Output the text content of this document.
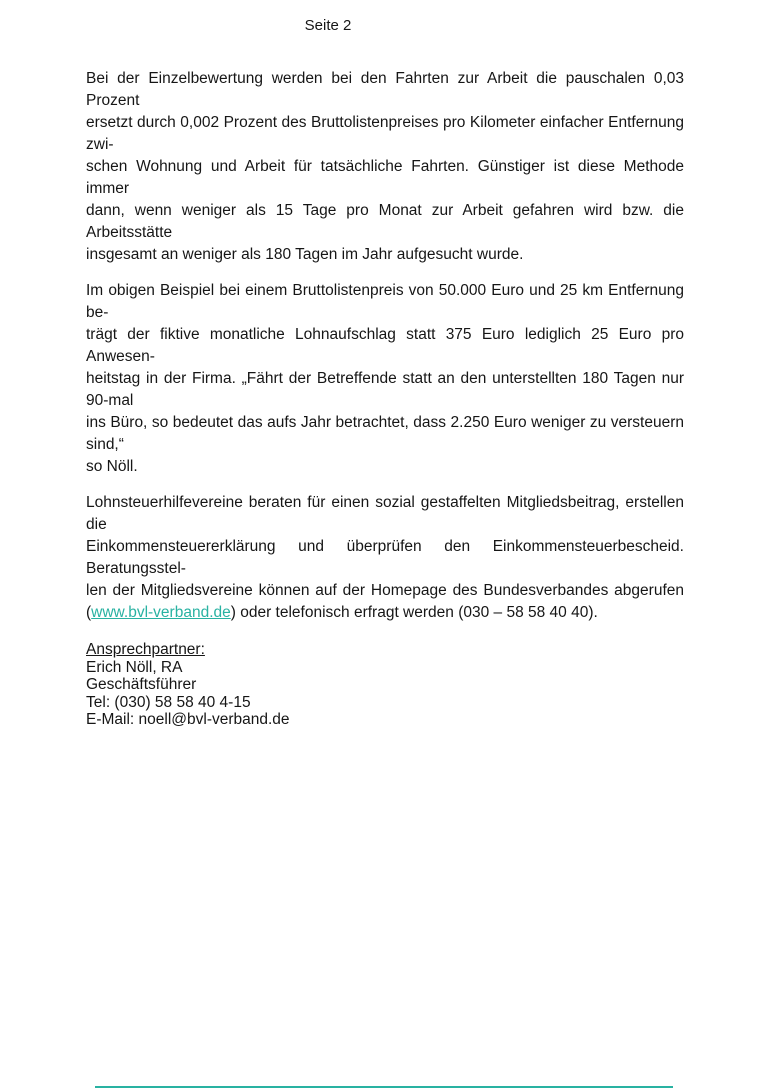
Seite 2
Bei der Einzelbewertung werden bei den Fahrten zur Arbeit die pauschalen 0,03 Prozent
ersetzt durch 0,002 Prozent des Bruttolistenpreises pro Kilometer einfacher Entfernung zwi-
schen Wohnung und Arbeit für tatsächliche Fahrten. Günstiger ist diese Methode immer
dann, wenn weniger als 15 Tage pro Monat zur Arbeit gefahren wird bzw. die Arbeitsstätte
insgesamt an weniger als 180 Tagen im Jahr aufgesucht wurde.
Im obigen Beispiel bei einem Bruttolistenpreis von 50.000 Euro und 25 km Entfernung be-
trägt der fiktive monatliche Lohnaufschlag statt 375 Euro lediglich 25 Euro pro Anwesen-
heitstag in der Firma. „Fährt der Betreffende statt an den unterstellten 180 Tagen nur 90-mal
ins Büro, so bedeutet das aufs Jahr betrachtet, dass 2.250 Euro weniger zu versteuern sind,“
so Nöll.
Lohnsteuerhilfevereine beraten für einen sozial gestaffelten Mitgliedsbeitrag, erstellen die
Einkommensteuererklärung und überprüfen den Einkommensteuerbescheid. Beratungsstel-
len der Mitgliedsvereine können auf der Homepage des Bundesverbandes abgerufen
(www.bvl-verband.de) oder telefonisch erfragt werden (030 – 58 58 40 40).
Ansprechpartner:
Erich Nöll, RA
Geschäftsführer
Tel: (030) 58 58 40 4-15
E-Mail: noell@bvl-verband.de
